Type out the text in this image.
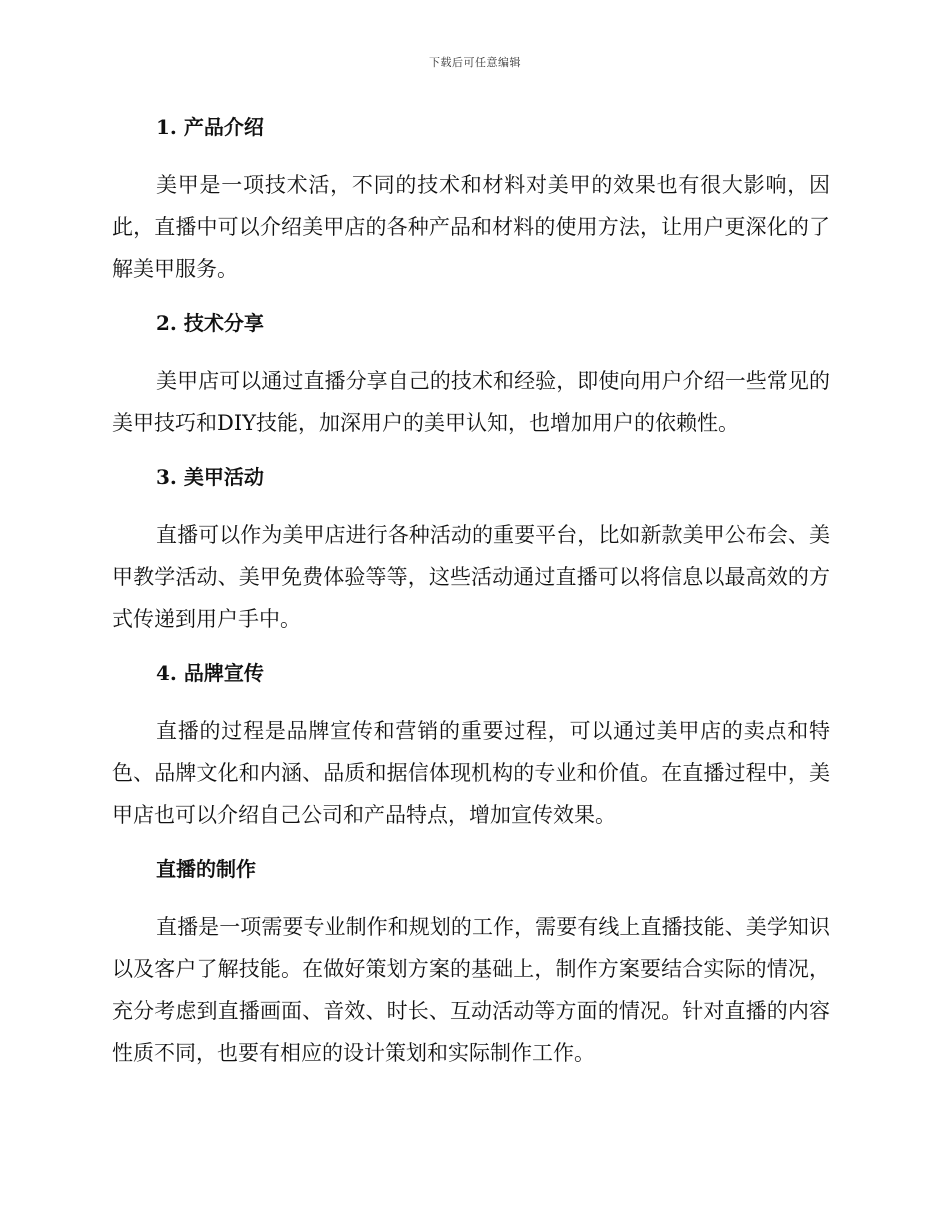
下载后可任意编辑
1. 产品介绍

美甲是一项技术活，不同的技术和材料对美甲的效果也有很大影响，因此，直播中可以介绍美甲店的各种产品和材料的使用方法，让用户更深化的了解美甲服务。

2. 技术分享

美甲店可以通过直播分享自己的技术和经验，即使向用户介绍一些常见的美甲技巧和DIY技能，加深用户的美甲认知，也增加用户的依赖性。

3. 美甲活动

直播可以作为美甲店进行各种活动的重要平台，比如新款美甲公布会、美甲教学活动、美甲免费体验等等，这些活动通过直播可以将信息以最高效的方式传递到用户手中。

4. 品牌宣传

直播的过程是品牌宣传和营销的重要过程，可以通过美甲店的卖点和特色、品牌文化和内涵、品质和据信体现机构的专业和价值。在直播过程中，美甲店也可以介绍自己公司和产品特点，增加宣传效果。

直播的制作

直播是一项需要专业制作和规划的工作，需要有线上直播技能、美学知识以及客户了解技能。在做好策划方案的基础上，制作方案要结合实际的情况，充分考虑到直播画面、音效、时长、互动活动等方面的情况。针对直播的内容性质不同，也要有相应的设计策划和实际制作工作。
